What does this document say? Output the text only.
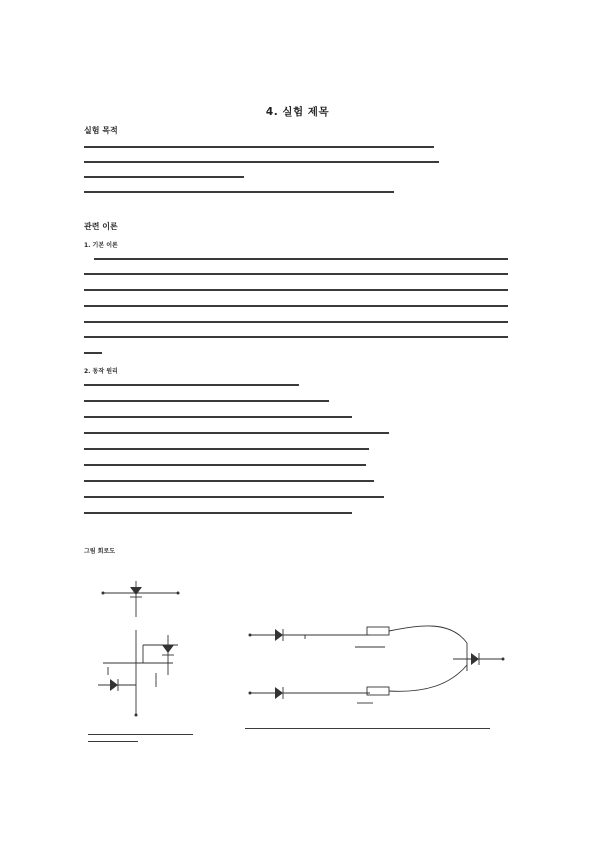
4. 실험 제목
실험 목적
관련 이론
1. 기본 이론
2. 동작 원리
그림 회로도
